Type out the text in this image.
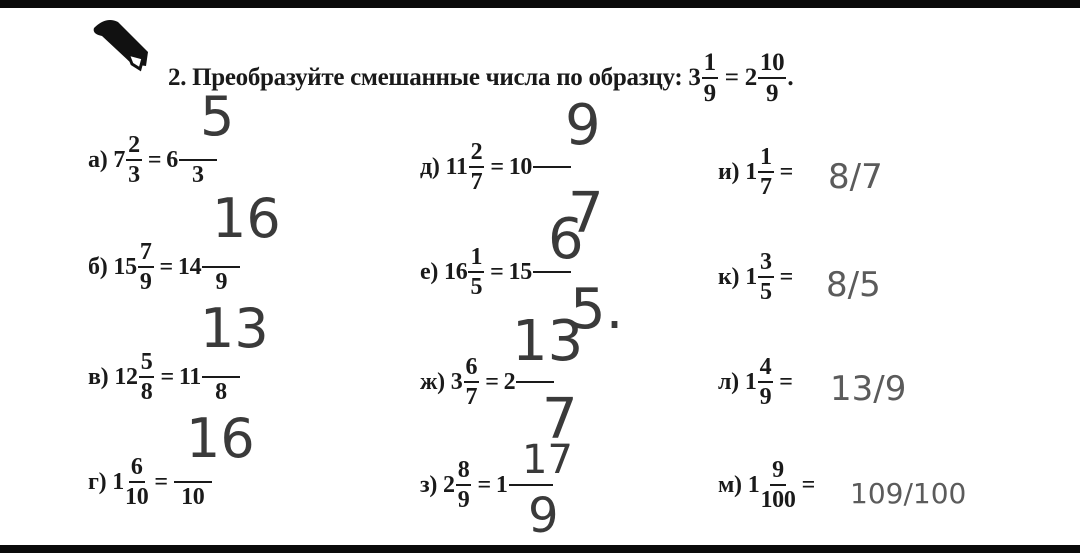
2.
Преобразуйте смешанные числа по образцу:
$3 \frac{1}{9} = 2 \frac{10}{9}$ .
а) $7 \frac{2}{3} = 6$
3
5
б) $15 \frac{7}{9} = 14$
9
16
в) $12 \frac{5}{8} = 11$
8
13
г) $1 \frac{6}{10}$ =
10
16
д) $11 \frac{2}{7} = 10$
9
7
е) $16 \frac{1}{5} = 15$ 6
5.
ж) $3 \frac{6}{7} = 2$
13
7
з) $2 \frac{8}{9} = 1$
17
9
и) $1 \frac{1}{7} = 8/7$
к) $1 \frac{3}{5} = 8/5$
л) $1 \frac{4}{9} = 13/9$
м) $1 \frac{9}{100} = 109/100$
